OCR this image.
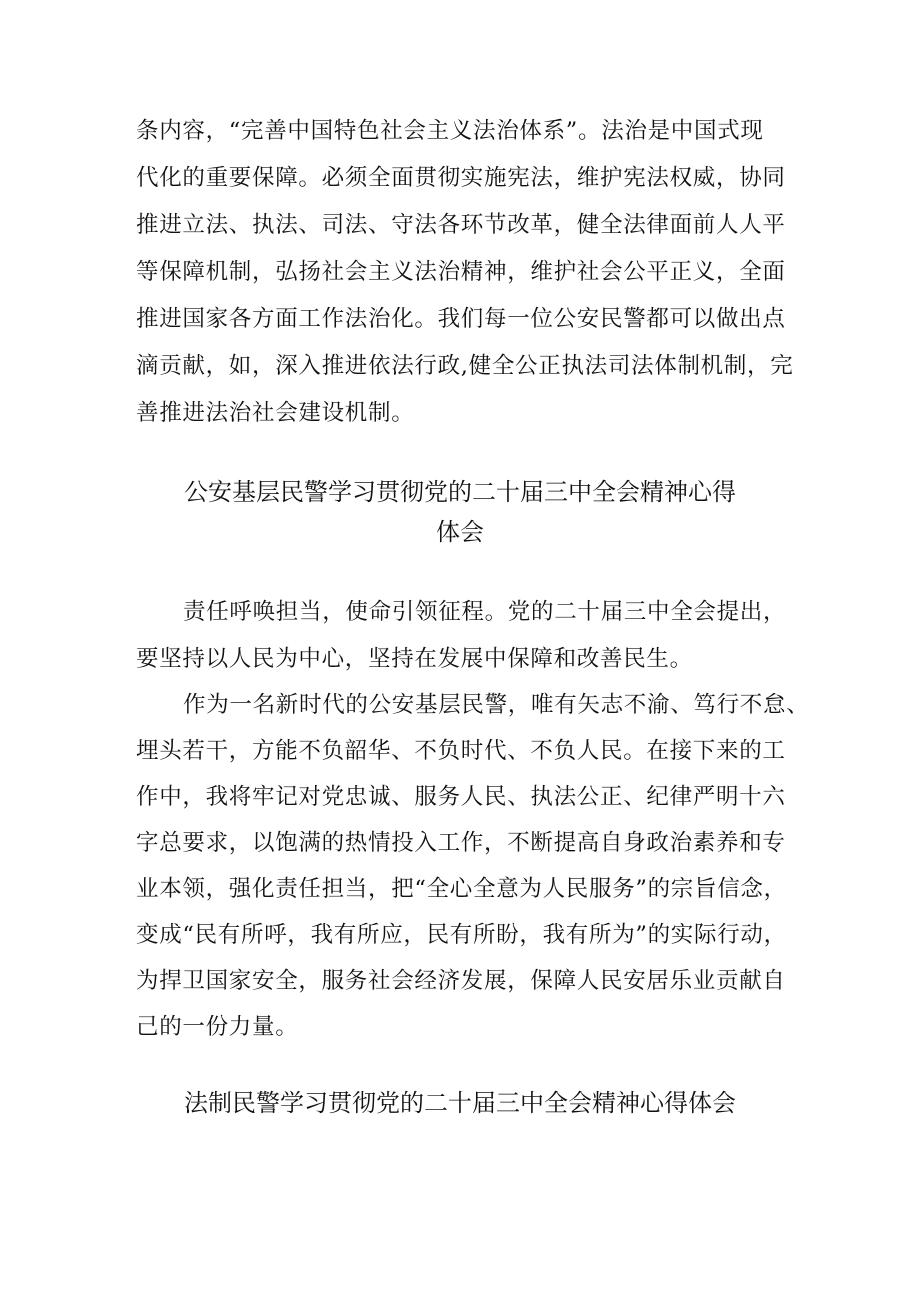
条内容，“完善中国特色社会主义法治体系”。法治是中国式现
代化的重要保障。必须全面贯彻实施宪法，维护宪法权威，协同
推进立法、执法、司法、守法各环节改革，健全法律面前人人平
等保障机制，弘扬社会主义法治精神，维护社会公平正义，全面
推进国家各方面工作法治化。我们每一位公安民警都可以做出点
滴贡献，如，深入推进依法行政,健全公正执法司法体制机制，完
善推进法治社会建设机制。
公安基层民警学习贯彻党的二十届三中全会精神心得
体会
责任呼唤担当，使命引领征程。党的二十届三中全会提出，
要坚持以人民为中心，坚持在发展中保障和改善民生。
作为一名新时代的公安基层民警，唯有矢志不渝、笃行不怠、
埋头若干，方能不负韶华、不负时代、不负人民。在接下来的工
作中，我将牢记对党忠诚、服务人民、执法公正、纪律严明十六
字总要求，以饱满的热情投入工作，不断提高自身政治素养和专
业本领，强化责任担当，把“全心全意为人民服务”的宗旨信念，
变成“民有所呼，我有所应，民有所盼，我有所为”的实际行动，
为捍卫国家安全，服务社会经济发展，保障人民安居乐业贡献自
己的一份力量。
法制民警学习贯彻党的二十届三中全会精神心得体会
